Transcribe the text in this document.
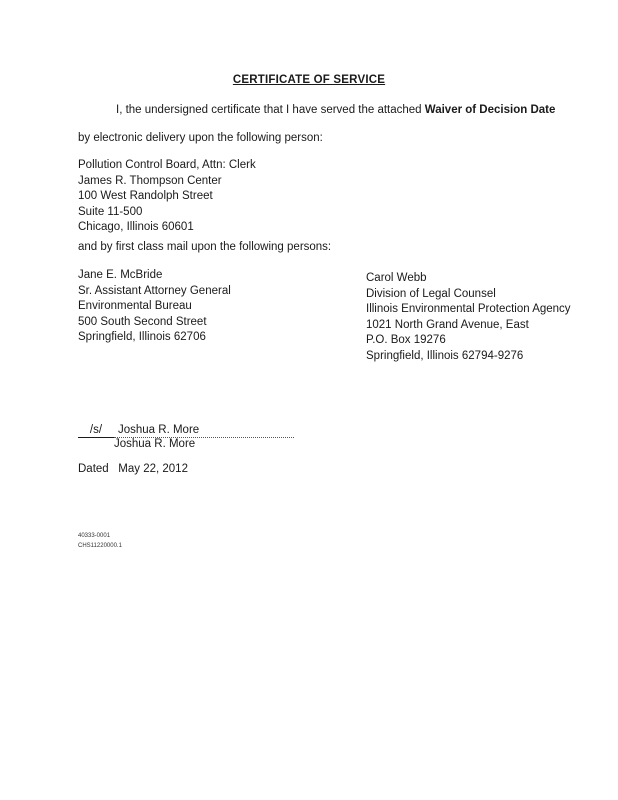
CERTIFICATE OF SERVICE
I, the undersigned certificate that I have served the attached Waiver of Decision Date
by electronic delivery upon the following person:
Pollution Control Board, Attn: Clerk
James R. Thompson Center
100 West Randolph Street
Suite 11-500
Chicago, Illinois 60601
and by first class mail upon the following persons:
Jane E. McBride
Sr. Assistant Attorney General
Environmental Bureau
500 South Second Street
Springfield, Illinois 62706
Carol Webb
Division of Legal Counsel
Illinois Environmental Protection Agency
1021 North Grand Avenue, East
P.O. Box 19276
Springfield, Illinois 62794-9276
/s/ Joshua R. More
Joshua R. More
Dated May 22, 2012
40333-0001
CHS11220000.1
